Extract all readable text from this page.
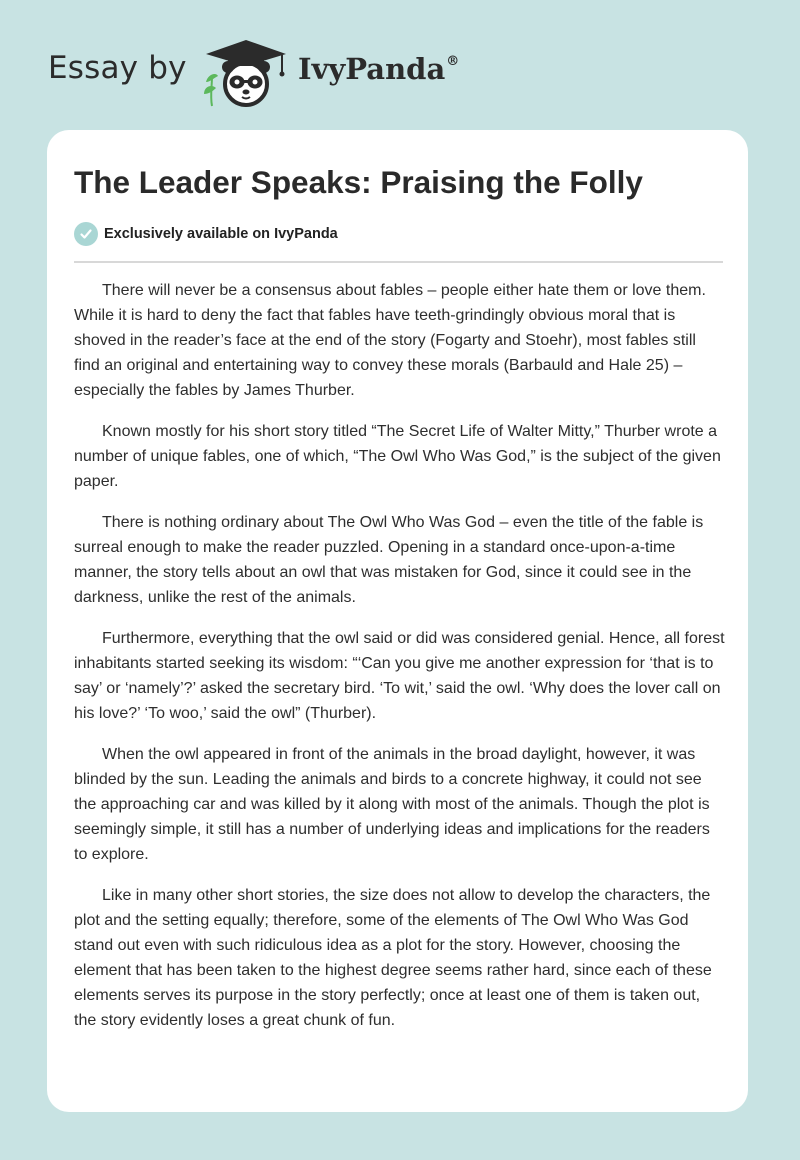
Essay by	IvyPanda®
The Leader Speaks: Praising the Folly
Exclusively available on IvyPanda

There will never be a consensus about fables – people either hate them or love them. While it is hard to deny the fact that fables have teeth-grindingly obvious moral that is shoved in the reader’s face at the end of the story (Fogarty and Stoehr), most fables still find an original and entertaining way to convey these morals (Barbauld and Hale 25) – especially the fables by James Thurber.

Known mostly for his short story titled “The Secret Life of Walter Mitty,” Thurber wrote a number of unique fables, one of which, “The Owl Who Was God,” is the subject of the given paper.

There is nothing ordinary about The Owl Who Was God – even the title of the fable is surreal enough to make the reader puzzled. Opening in a standard once-upon-a-time manner, the story tells about an owl that was mistaken for God, since it could see in the darkness, unlike the rest of the animals.

Furthermore, everything that the owl said or did was considered genial. Hence, all forest inhabitants started seeking its wisdom: “‘Can you give me another expression for ‘that is to say’ or ‘namely’?’ asked the secretary bird. ‘To wit,’ said the owl. ‘Why does the lover call on his love?’ ‘To woo,’ said the owl” (Thurber).

When the owl appeared in front of the animals in the broad daylight, however, it was blinded by the sun. Leading the animals and birds to a concrete highway, it could not see the approaching car and was killed by it along with most of the animals. Though the plot is seemingly simple, it still has a number of underlying ideas and implications for the readers to explore.

Like in many other short stories, the size does not allow to develop the characters, the plot and the setting equally; therefore, some of the elements of The Owl Who Was God stand out even with such ridiculous idea as a plot for the story. However, choosing the element that has been taken to the highest degree seems rather hard, since each of these elements serves its purpose in the story perfectly; once at least one of them is taken out, the story evidently loses a great chunk of fun.
